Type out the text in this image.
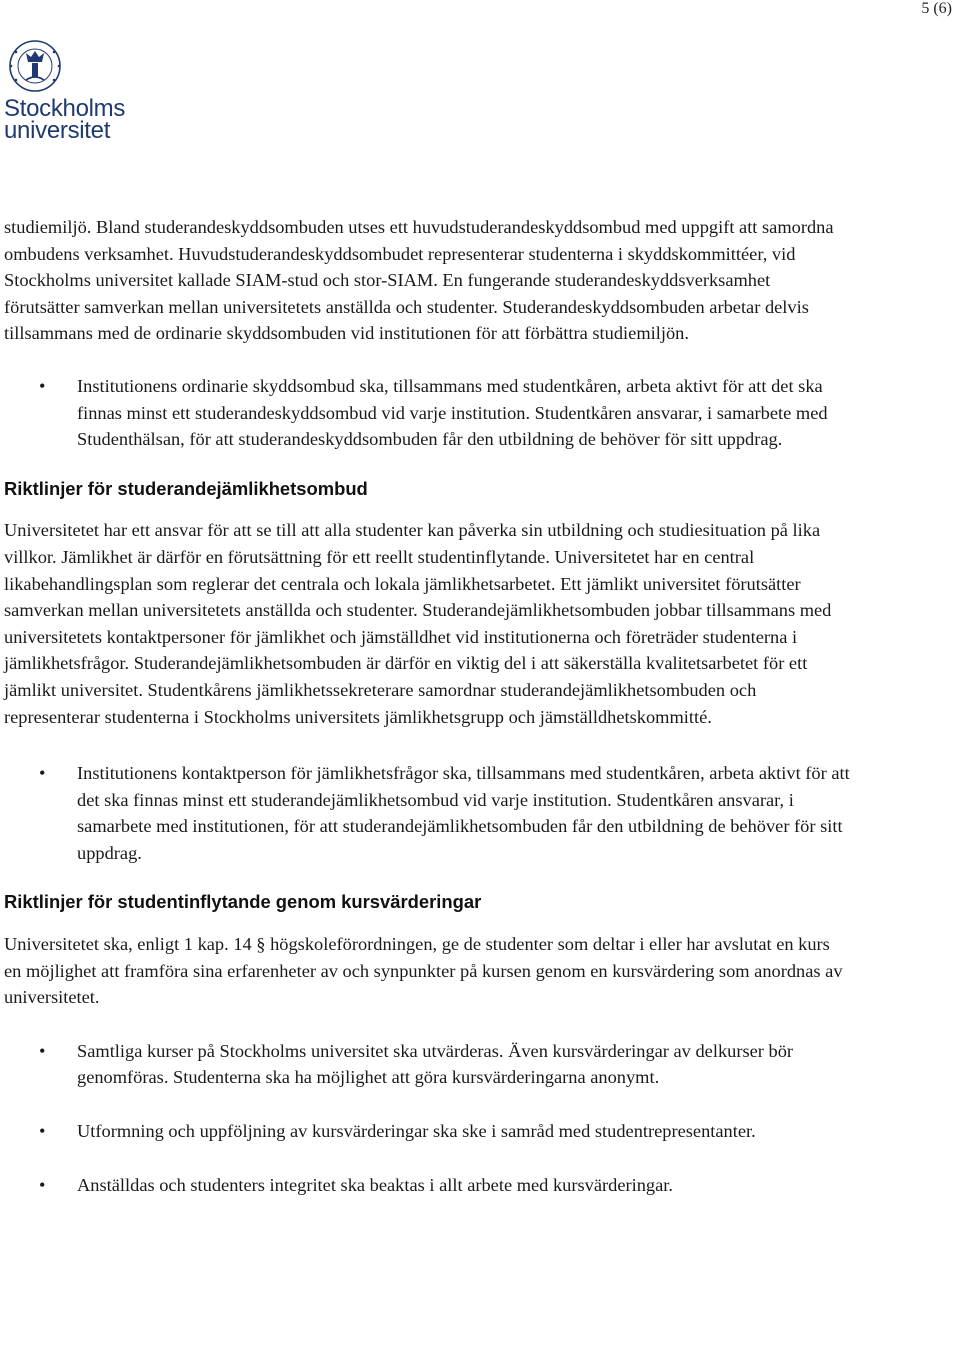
5 (6)
Stockholms
universitet

studiemiljö. Bland studerandeskyddsombuden utses ett huvudstuderandeskyddsombud med uppgift att samordna ombudens verksamhet. Huvudstuderandeskyddsombudet representerar studenterna i skyddskommittéer, vid Stockholms universitet kallade SIAM-stud och stor-SIAM. En fungerande studerandeskyddsverksamhet förutsätter samverkan mellan universitetets anställda och studenter. Studerandeskyddsombuden arbetar delvis tillsammans med de ordinarie skyddsombuden vid institutionen för att förbättra studiemiljön.

• Institutionens ordinarie skyddsombud ska, tillsammans med studentkåren, arbeta aktivt för att det ska finnas minst ett studerandeskyddsombud vid varje institution. Studentkåren ansvarar, i samarbete med Studenthälsan, för att studerandeskyddsombuden får den utbildning de behöver för sitt uppdrag.

Riktlinjer för studerandejämlikhetsombud

Universitetet har ett ansvar för att se till att alla studenter kan påverka sin utbildning och studiesituation på lika villkor. Jämlikhet är därför en förutsättning för ett reellt studentinflytande. Universitetet har en central likabehandlingsplan som reglerar det centrala och lokala jämlikhetsarbetet. Ett jämlikt universitet förutsätter samverkan mellan universitetets anställda och studenter. Studerandejämlikhetsombuden jobbar tillsammans med universitetets kontaktpersoner för jämlikhet och jämställdhet vid institutionerna och företräder studenterna i jämlikhetsfrågor. Studerandejämlikhetsombuden är därför en viktig del i att säkerställa kvalitetsarbetet för ett jämlikt universitet. Studentkårens jämlikhetssekreterare samordnar studerandejämlikhetsombuden och representerar studenterna i Stockholms universitets jämlikhetsgrupp och jämställdhetskommitté.

• Institutionens kontaktperson för jämlikhetsfrågor ska, tillsammans med studentkåren, arbeta aktivt för att det ska finnas minst ett studerandejämlikhetsombud vid varje institution. Studentkåren ansvarar, i samarbete med institutionen, för att studerandejämlikhetsombuden får den utbildning de behöver för sitt uppdrag.

Riktlinjer för studentinflytande genom kursvärderingar

Universitetet ska, enligt 1 kap. 14 § högskoleförordningen, ge de studenter som deltar i eller har avslutat en kurs en möjlighet att framföra sina erfarenheter av och synpunkter på kursen genom en kursvärdering som anordnas av universitetet.

• Samtliga kurser på Stockholms universitet ska utvärderas. Även kursvärderingar av delkurser bör genomföras. Studenterna ska ha möjlighet att göra kursvärderingarna anonymt.

• Utformning och uppföljning av kursvärderingar ska ske i samråd med studentrepresentanter.

• Anställdas och studenters integritet ska beaktas i allt arbete med kursvärderingar.
